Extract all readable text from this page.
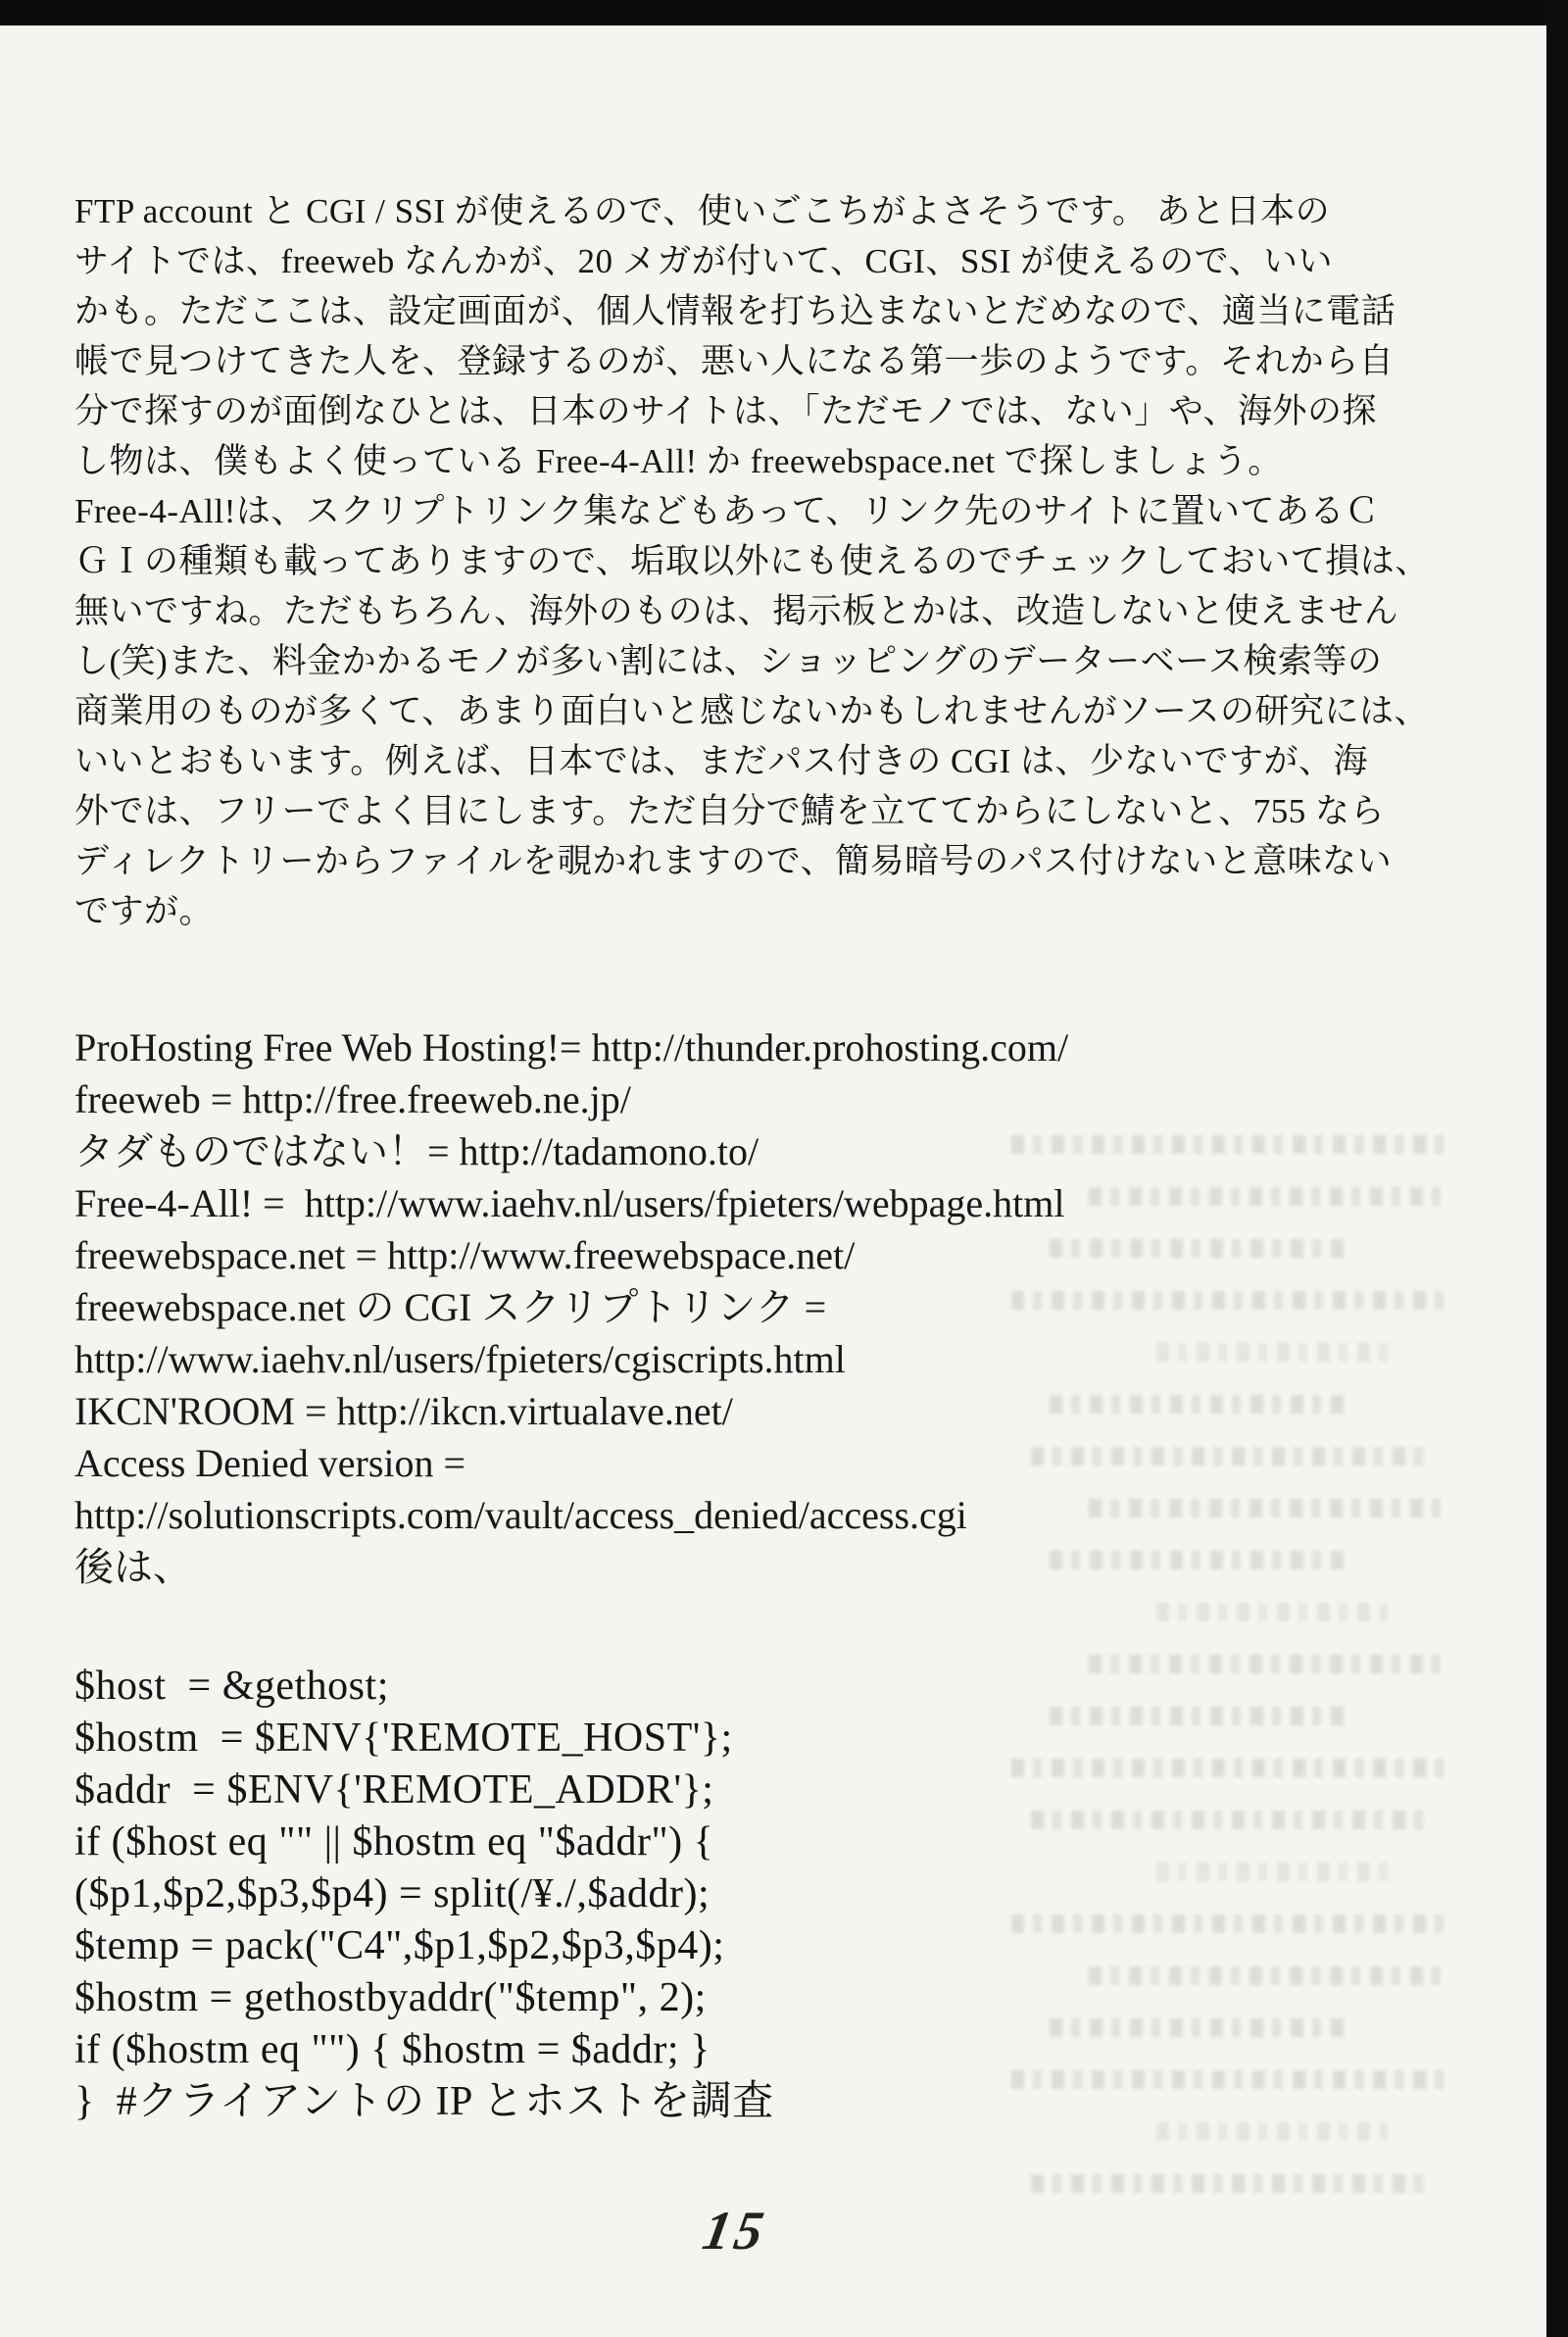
FTP account と CGI / SSI が使えるので、使いごこちがよさそうです。 あと日本の
サイトでは、freeweb なんかが、20 メガが付いて、CGI、SSI が使えるので、いい
かも。ただここは、設定画面が、個人情報を打ち込まないとだめなので、適当に電話
帳で見つけてきた人を、登録するのが、悪い人になる第一歩のようです。それから自
分で探すのが面倒なひとは、日本のサイトは、「ただモノでは、ない」や、海外の探
し物は、僕もよく使っている Free-4-All! か freewebspace.net で探しましょう。
Free-4-All!は、スクリプトリンク集などもあって、リンク先のサイトに置いてあるＣ
ＧＩの種類も載ってありますので、垢取以外にも使えるのでチェックしておいて損は、
無いですね。ただもちろん、海外のものは、掲示板とかは、改造しないと使えません
し(笑)また、料金かかるモノが多い割には、ショッピングのデーターベース検索等の
商業用のものが多くて、あまり面白いと感じないかもしれませんがソースの研究には、
いいとおもいます。例えば、日本では、まだパス付きの CGI は、少ないですが、海
外では、フリーでよく目にします。ただ自分で鯖を立ててからにしないと、755 なら
ディレクトリーからファイルを覗かれますので、簡易暗号のパス付けないと意味ない
ですが。
ProHosting Free Web Hosting!= http://thunder.prohosting.com/
freeweb = http://free.freeweb.ne.jp/
タダものではない！= http://tadamono.to/
Free-4-All! =  http://www.iaehv.nl/users/fpieters/webpage.html
freewebspace.net = http://www.freewebspace.net/
freewebspace.net の CGI スクリプトリンク =
http://www.iaehv.nl/users/fpieters/cgiscripts.html
IKCN'ROOM = http://ikcn.virtualave.net/
Access Denied version =
http://solutionscripts.com/vault/access_denied/access.cgi
後は、
$host  = &gethost;
$hostm  = $ENV{'REMOTE_HOST'};
$addr  = $ENV{'REMOTE_ADDR'};
if ($host eq "" || $hostm eq "$addr") {
($p1,$p2,$p3,$p4) = split(/¥./,$addr);
$temp = pack("C4",$p1,$p2,$p3,$p4);
$hostm = gethostbyaddr("$temp", 2);
if ($hostm eq "") { $hostm = $addr; }
}  #クライアントの IP とホストを調査
15
